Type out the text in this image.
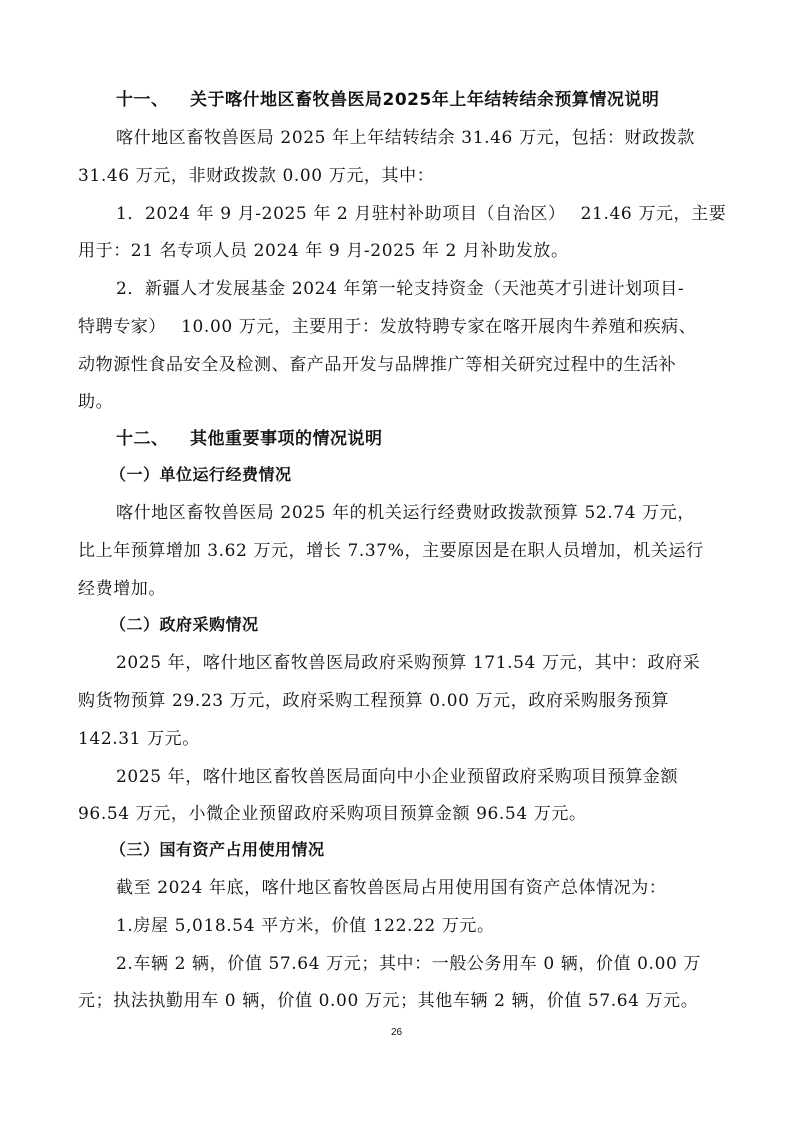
十一、 关于喀什地区畜牧兽医局2025年上年结转结余预算情况说明
喀什地区畜牧兽医局 2025 年上年结转结余 31.46 万元，包括：财政拨款
31.46 万元，非财政拨款 0.00 万元，其中：
1．2024 年 9 月-2025 年 2 月驻村补助项目（自治区）　 21.46 万元，主要
用于：21 名专项人员 2024 年 9 月-2025 年 2 月补助发放。
2．新疆人才发展基金 2024 年第一轮支持资金（天池英才引进计划项目-
特聘专家）　 10.00 万元，主要用于：发放特聘专家在喀开展肉牛养殖和疾病、
动物源性食品安全及检测、畜产品开发与品牌推广等相关研究过程中的生活补
助。
十二、 其他重要事项的情况说明
（一）单位运行经费情况
喀什地区畜牧兽医局 2025 年的机关运行经费财政拨款预算 52.74 万元，
比上年预算增加 3.62 万元，增长 7.37%，主要原因是在职人员增加，机关运行
经费增加。
（二）政府采购情况
2025 年，喀什地区畜牧兽医局政府采购预算 171.54 万元，其中：政府采
购货物预算 29.23 万元，政府采购工程预算 0.00 万元，政府采购服务预算
142.31 万元。
2025 年，喀什地区畜牧兽医局面向中小企业预留政府采购项目预算金额
96.54 万元，小微企业预留政府采购项目预算金额 96.54 万元。
（三）国有资产占用使用情况
截至 2024 年底，喀什地区畜牧兽医局占用使用国有资产总体情况为：
1.房屋 5,018.54 平方米，价值 122.22 万元。
2.车辆 2 辆，价值 57.64 万元；其中：一般公务用车 0 辆，价值 0.00 万
元；执法执勤用车 0 辆，价值 0.00 万元；其他车辆 2 辆，价值 57.64 万元。
26
